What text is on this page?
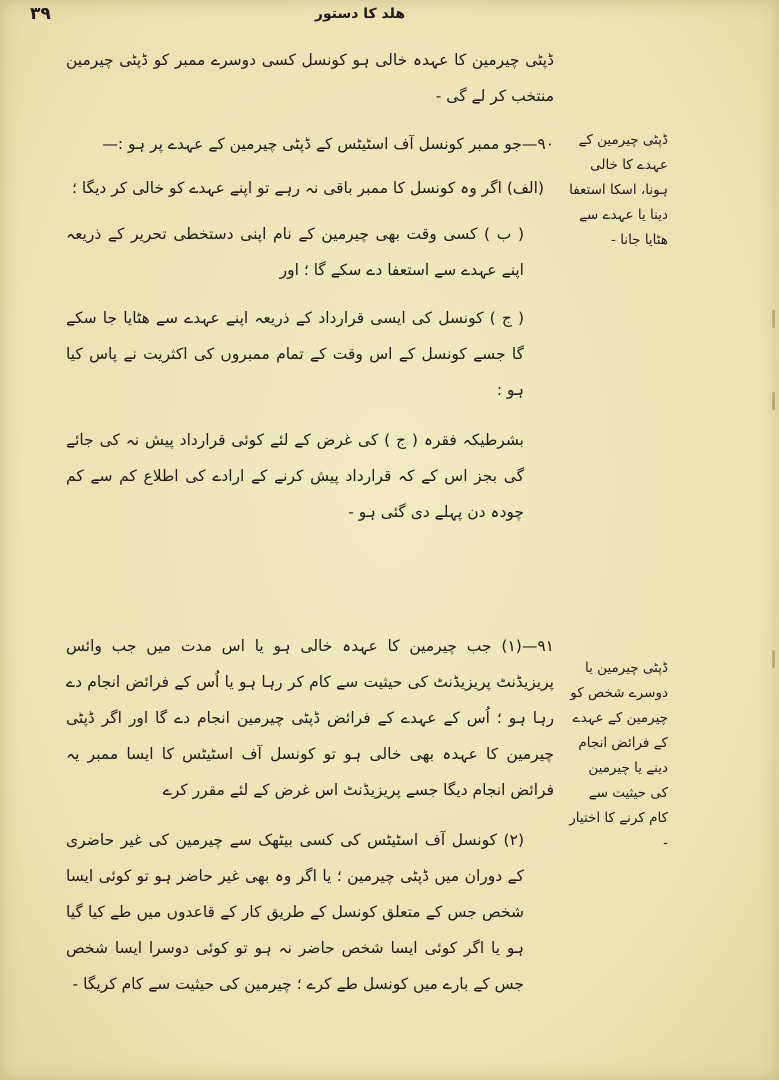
ھلد کا دستور
۳۹

ڈپٹی چیرمین کا عہدہ خالی ہو کونسل کسی دوسرے ممبر کو ڈپٹی چیرمین منتخب کر لے گی -

۹۰—جو ممبر کونسل آف اسٹیٹس کے ڈپٹی چیرمین کے عہدے پر ہو :—

(الف) اگر وہ کونسل کا ممبر باقی نہ رہے تو اپنے عہدے کو خالی کر دیگا ؛

( ب ) کسی وقت بھی چیرمین کے نام اپنی دستخطی تحریر کے ذریعہ اپنے عہدے سے استعفا دے سکے گا ؛ اور

( ج ) کونسل کی ایسی قرارداد کے ذریعہ اپنے عہدے سے ھٹایا جا سکے گا جسے کونسل کے اس وقت کے تمام ممبروں کی اکثریت نے پاس کیا ہو :

بشرطیکہ فقرہ ( ج ) کی غرض کے لئے کوئی قرارداد پیش نہ کی جائے گی بجز اس کے کہ قرارداد پیش کرنے کے ارادے کی اطلاع کم سے کم چودہ دن پہلے دی گئی ہو -

۹۱—(۱) جب چیرمین کا عہدہ خالی ہو یا اس مدت میں جب وائس پریزیڈنٹ پریزیڈنٹ کی حیثیت سے کام کر رہا ہو یا اُس کے فرائض انجام دے رہا ہو ؛ اُس کے عہدے کے فرائض ڈپٹی چیرمین انجام دے گا اور اگر ڈپٹی چیرمین کا عہدہ بھی خالی ہو تو کونسل آف اسٹیٹس کا ایسا ممبر یہ فرائض انجام دیگا جسے پریزیڈنٹ اس غرض کے لئے مقرر کرے

(۲) کونسل آف اسٹیٹس کی کسی بیٹھک سے چیرمین کی غیر حاضری کے دوران میں ڈپٹی چیرمین ؛ یا اگر وہ بھی غیر حاضر ہو تو کوئی ایسا شخص جس کے متعلق کونسل کے طریق کار کے قاعدوں میں طے کیا گیا ہو یا اگر کوئی ایسا شخص حاضر نہ ہو تو کوئی دوسرا ایسا شخص جس کے بارے میں کونسل طے کرے ؛ چیرمین کی حیثیت سے کام کریگا -

ڈپٹی چیرمین کے عہدے کا خالی ہونا، اسکا استعفا دینا یا عہدے سے ھٹایا جانا -

ڈپٹی چیرمین یا دوسرے شخص کو چیرمین کے عہدے کے فرائض انجام دینے یا چیرمین کی حیثیت سے کام کرنے کا اختیار -
